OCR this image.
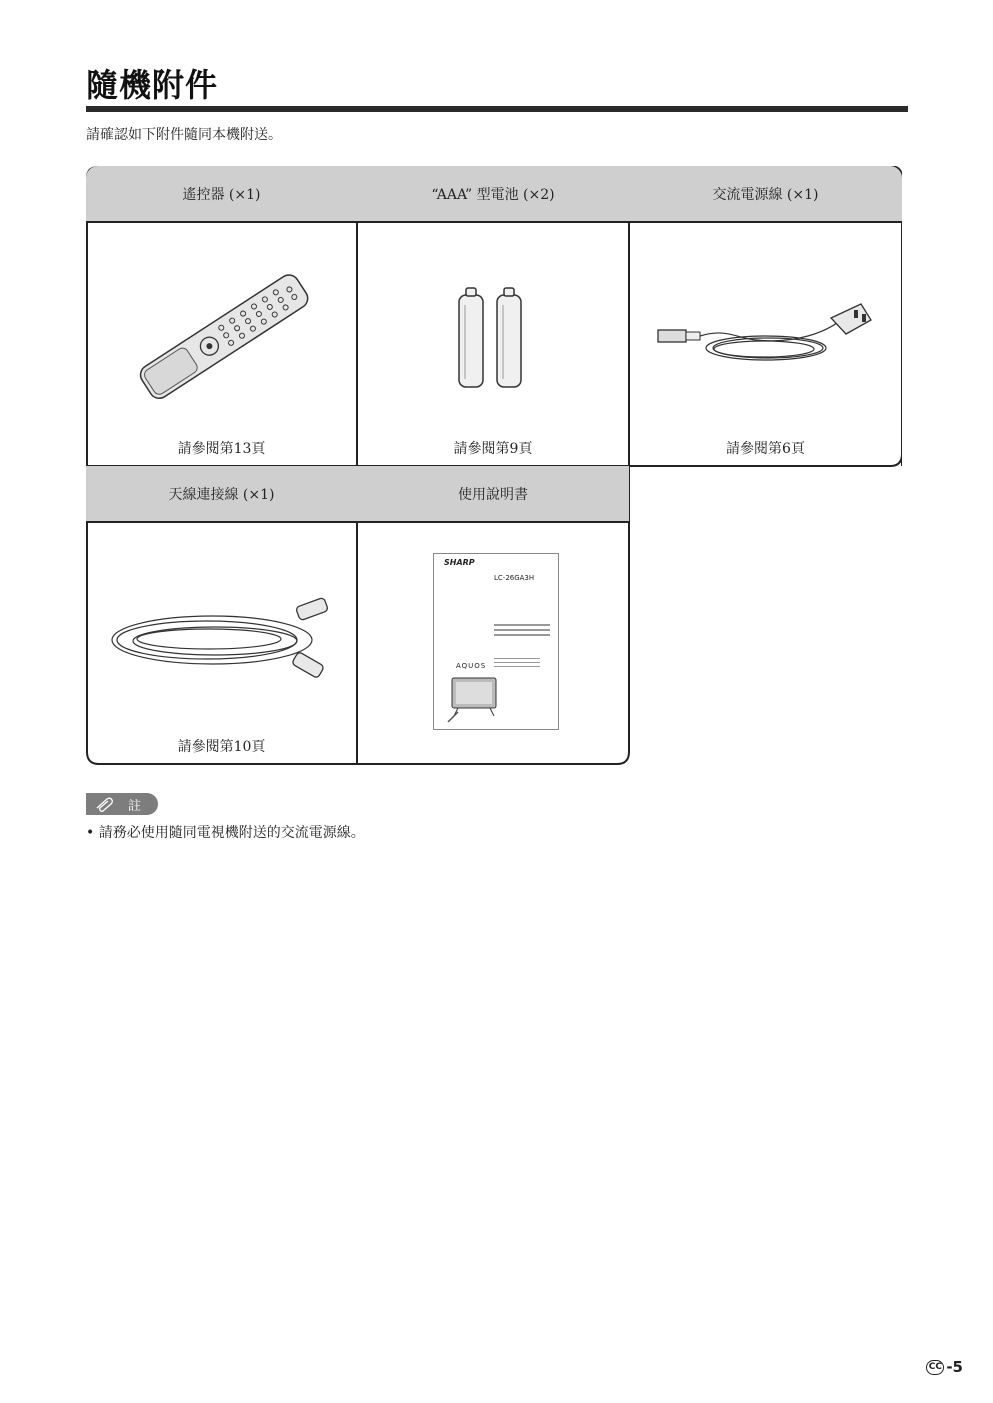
隨機附件
請確認如下附件隨同本機附送。
遙控器 (×1)
請參閱第13頁
“AAA” 型電池 (×2)
請參閱第9頁
交流電源線 (×1)
請參閱第6頁
天線連接線 (×1)
請參閱第10頁
使用說明書
SHARP
LC-26GA3H
AQUOS
註
• 請務必使用隨同電視機附送的交流電源線。
CC -5
